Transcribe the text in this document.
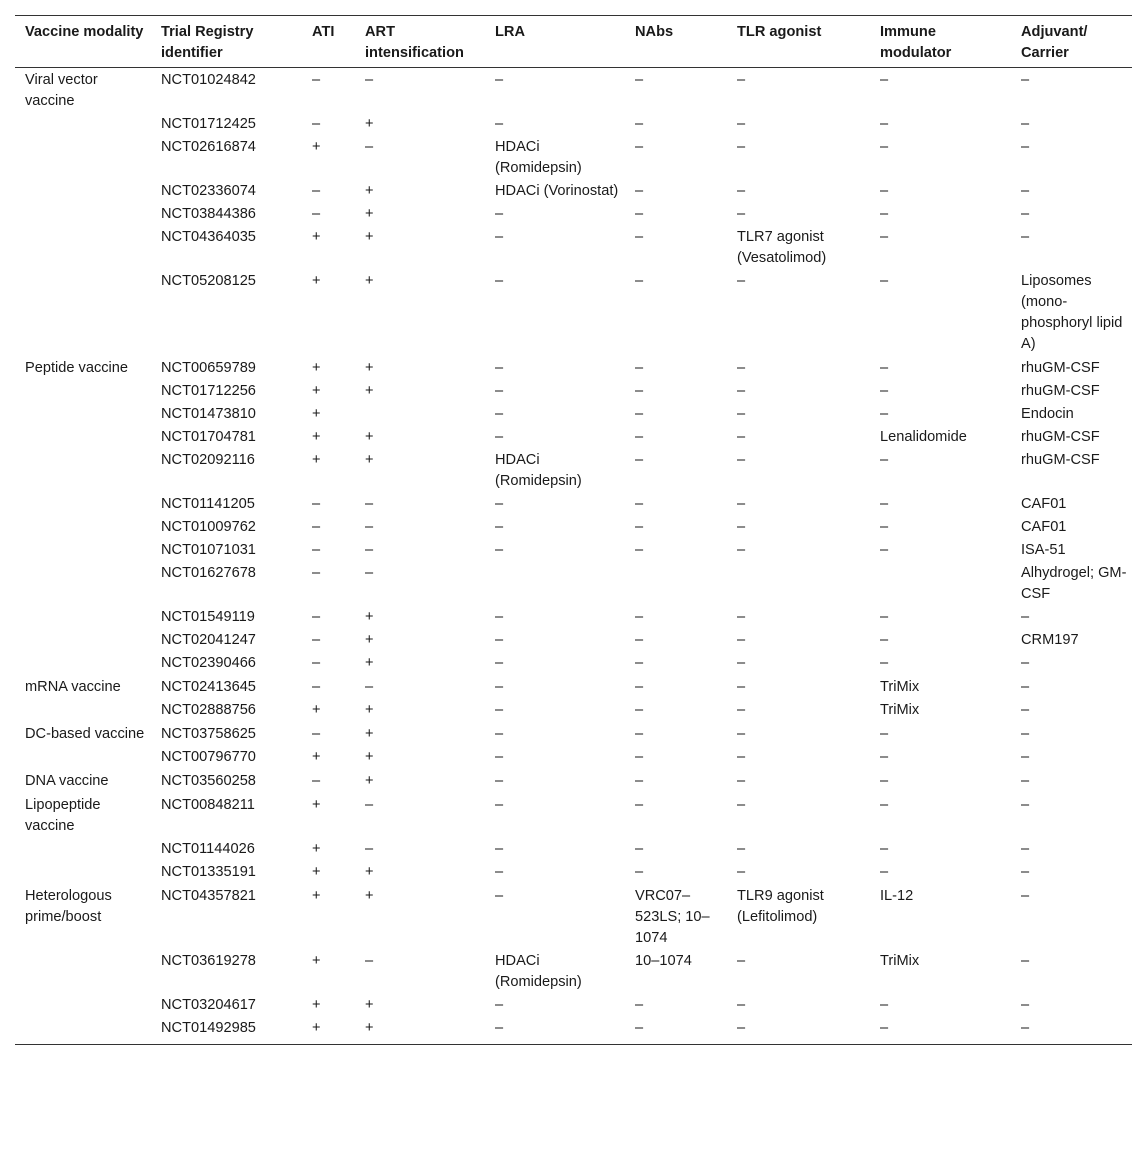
Vaccine modality	Trial Registry identifier	ATI	ART intensification	LRA	NAbs	TLR agonist	Immune modulator	Adjuvant/ Carrier
Viral vector vaccine	NCT01024842	–	–	–	–	–	–	–
	NCT01712425	–	+	–	–	–	–	–
	NCT02616874	+	–	HDACi (Romidepsin)	–	–	–	–
	NCT02336074	–	+	HDACi (Vorinostat)	–	–	–	–
	NCT03844386	–	+	–	–	–	–	–
	NCT04364035	+	+	–	–	TLR7 agonist (Vesatolimod)	–	–
	NCT05208125	+	+	–	–	–	–	Liposomes (mono-phosphoryl lipid A)
Peptide vaccine	NCT00659789	+	+	–	–	–	–	rhuGM-CSF
	NCT01712256	+	+	–	–	–	–	rhuGM-CSF
	NCT01473810	+		–	–	–	–	Endocin
	NCT01704781	+	+	–	–	–	Lenalidomide	rhuGM-CSF
	NCT02092116	+	+	HDACi (Romidepsin)	–	–	–	rhuGM-CSF
	NCT01141205	–	–	–	–	–	–	CAF01
	NCT01009762	–	–	–	–	–	–	CAF01
	NCT01071031	–	–	–	–	–	–	ISA-51
	NCT01627678	–	–					Alhydrogel; GM-CSF
	NCT01549119	–	+	–	–	–	–	–
	NCT02041247	–	+	–	–	–	–	CRM197
	NCT02390466	–	+	–	–	–	–	–
mRNA vaccine	NCT02413645	–	–	–	–	–	TriMix	–
	NCT02888756	+	+	–	–	–	TriMix	–
DC-based vaccine	NCT03758625	–	+	–	–	–	–	–
	NCT00796770	+	+	–	–	–	–	–
DNA vaccine	NCT03560258	–	+	–	–	–	–	–
Lipopeptide vaccine	NCT00848211	+	–	–	–	–	–	–
	NCT01144026	+	–	–	–	–	–	–
	NCT01335191	+	+	–	–	–	–	–
Heterologous prime/boost	NCT04357821	+	+	–	VRC07–523LS; 10–1074	TLR9 agonist (Lefitolimod)	IL-12	–
	NCT03619278	+	–	HDACi (Romidepsin)	10–1074	–	TriMix	–
	NCT03204617	+	+	–	–	–	–	–
	NCT01492985	+	+	–	–	–	–	–
